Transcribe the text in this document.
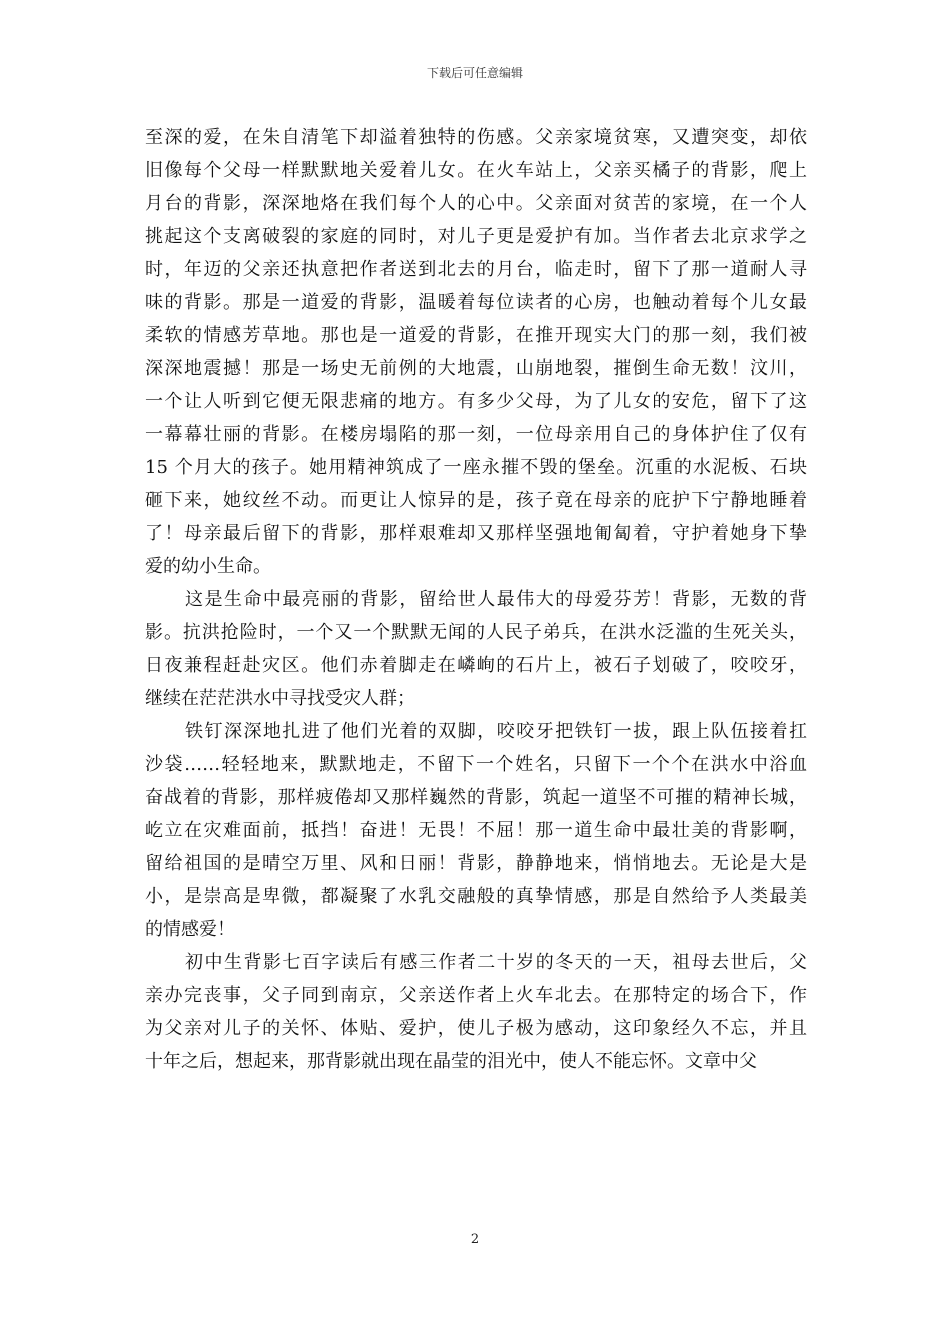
下载后可任意编辑
至深的爱，在朱自清笔下却溢着独特的伤感。父亲家境贫寒，又遭突变，却依
旧像每个父母一样默默地关爱着儿女。在火车站上，父亲买橘子的背影，爬上
月台的背影，深深地烙在我们每个人的心中。父亲面对贫苦的家境，在一个人
挑起这个支离破裂的家庭的同时，对儿子更是爱护有加。当作者去北京求学之
时，年迈的父亲还执意把作者送到北去的月台，临走时，留下了那一道耐人寻
味的背影。那是一道爱的背影，温暖着每位读者的心房，也触动着每个儿女最
柔软的情感芳草地。那也是一道爱的背影，在推开现实大门的那一刻，我们被
深深地震撼！那是一场史无前例的大地震，山崩地裂，摧倒生命无数！汶川，
一个让人听到它便无限悲痛的地方。有多少父母，为了儿女的安危，留下了这
一幕幕壮丽的背影。在楼房塌陷的那一刻，一位母亲用自己的身体护住了仅有
15 个月大的孩子。她用精神筑成了一座永摧不毁的堡垒。沉重的水泥板、石块
砸下来，她纹丝不动。而更让人惊异的是，孩子竟在母亲的庇护下宁静地睡着
了！母亲最后留下的背影，那样艰难却又那样坚强地匍匐着，守护着她身下挚
爱的幼小生命。
这是生命中最亮丽的背影，留给世人最伟大的母爱芬芳！背影，无数的背
影。抗洪抢险时，一个又一个默默无闻的人民子弟兵，在洪水泛滥的生死关头，
日夜兼程赶赴灾区。他们赤着脚走在嶙峋的石片上，被石子划破了，咬咬牙，
继续在茫茫洪水中寻找受灾人群；
铁钉深深地扎进了他们光着的双脚，咬咬牙把铁钉一拔，跟上队伍接着扛
沙袋……轻轻地来，默默地走，不留下一个姓名，只留下一个个在洪水中浴血
奋战着的背影，那样疲倦却又那样巍然的背影，筑起一道坚不可摧的精神长城，
屹立在灾难面前，抵挡！奋进！无畏！不屈！那一道生命中最壮美的背影啊，
留给祖国的是晴空万里、风和日丽！背影，静静地来，悄悄地去。无论是大是
小，是崇高是卑微，都凝聚了水乳交融般的真挚情感，那是自然给予人类最美
的情感爱！
初中生背影七百字读后有感三作者二十岁的冬天的一天，祖母去世后，父
亲办完丧事，父子同到南京，父亲送作者上火车北去。在那特定的场合下，作
为父亲对儿子的关怀、体贴、爱护，使儿子极为感动，这印象经久不忘，并且
十年之后，想起来，那背影就出现在晶莹的泪光中，使人不能忘怀。文章中父
2
